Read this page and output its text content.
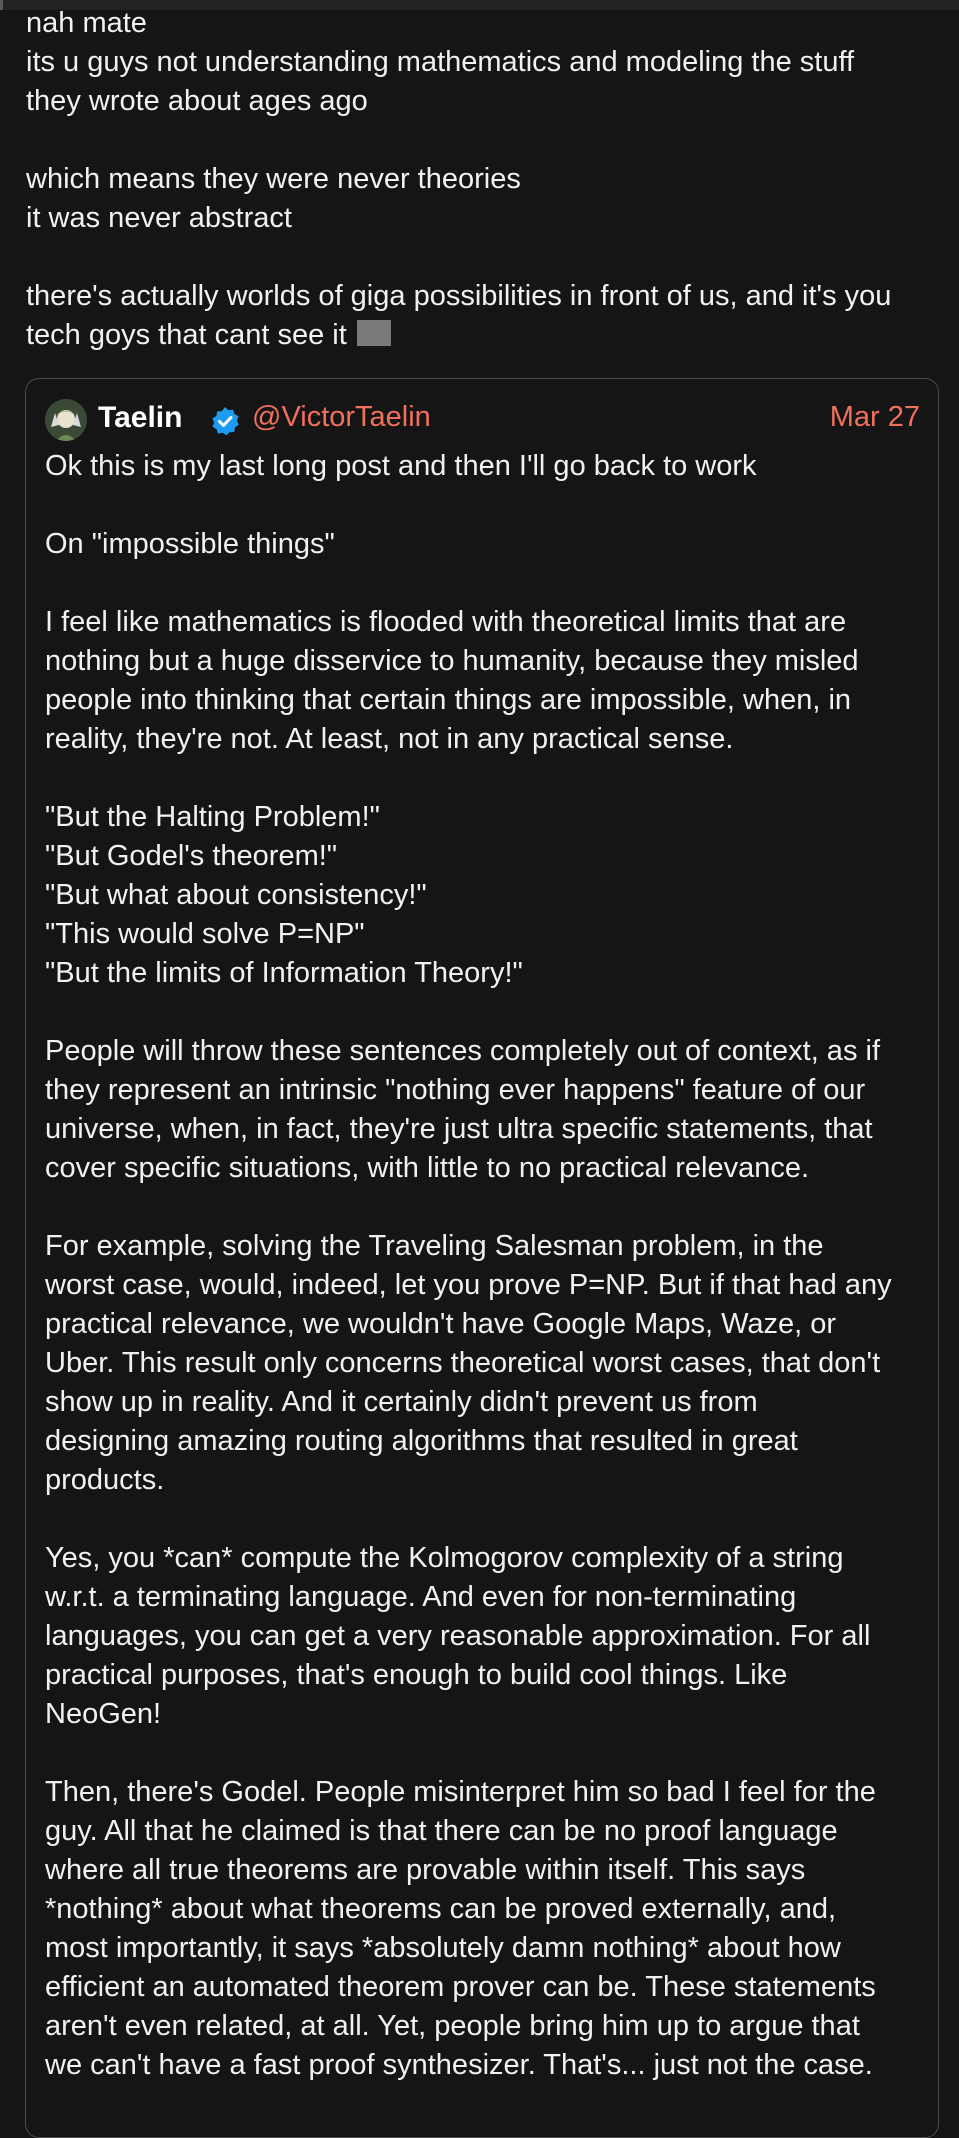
nah mate
its u guys not understanding mathematics and modeling the stuff
they wrote about ages ago

which means they were never theories
it was never abstract

there's actually worlds of giga possibilities in front of us, and it's you
tech goys that cant see it

Taelin @VictorTaelin	Mar 27

Ok this is my last long post and then I'll go back to work

On "impossible things"

I feel like mathematics is flooded with theoretical limits that are
nothing but a huge disservice to humanity, because they misled
people into thinking that certain things are impossible, when, in
reality, they're not. At least, not in any practical sense.

"But the Halting Problem!"
"But Godel's theorem!"
"But what about consistency!"
"This would solve P=NP"
"But the limits of Information Theory!"

People will throw these sentences completely out of context, as if
they represent an intrinsic "nothing ever happens" feature of our
universe, when, in fact, they're just ultra specific statements, that
cover specific situations, with little to no practical relevance.

For example, solving the Traveling Salesman problem, in the
worst case, would, indeed, let you prove P=NP. But if that had any
practical relevance, we wouldn't have Google Maps, Waze, or
Uber. This result only concerns theoretical worst cases, that don't
show up in reality. And it certainly didn't prevent us from
designing amazing routing algorithms that resulted in great
products.

Yes, you *can* compute the Kolmogorov complexity of a string
w.r.t. a terminating language. And even for non-terminating
languages, you can get a very reasonable approximation. For all
practical purposes, that's enough to build cool things. Like
NeoGen!

Then, there's Godel. People misinterpret him so bad I feel for the
guy. All that he claimed is that there can be no proof language
where all true theorems are provable within itself. This says
*nothing* about what theorems can be proved externally, and,
most importantly, it says *absolutely damn nothing* about how
efficient an automated theorem prover can be. These statements
aren't even related, at all. Yet, people bring him up to argue that
we can't have a fast proof synthesizer. That's... just not the case.
